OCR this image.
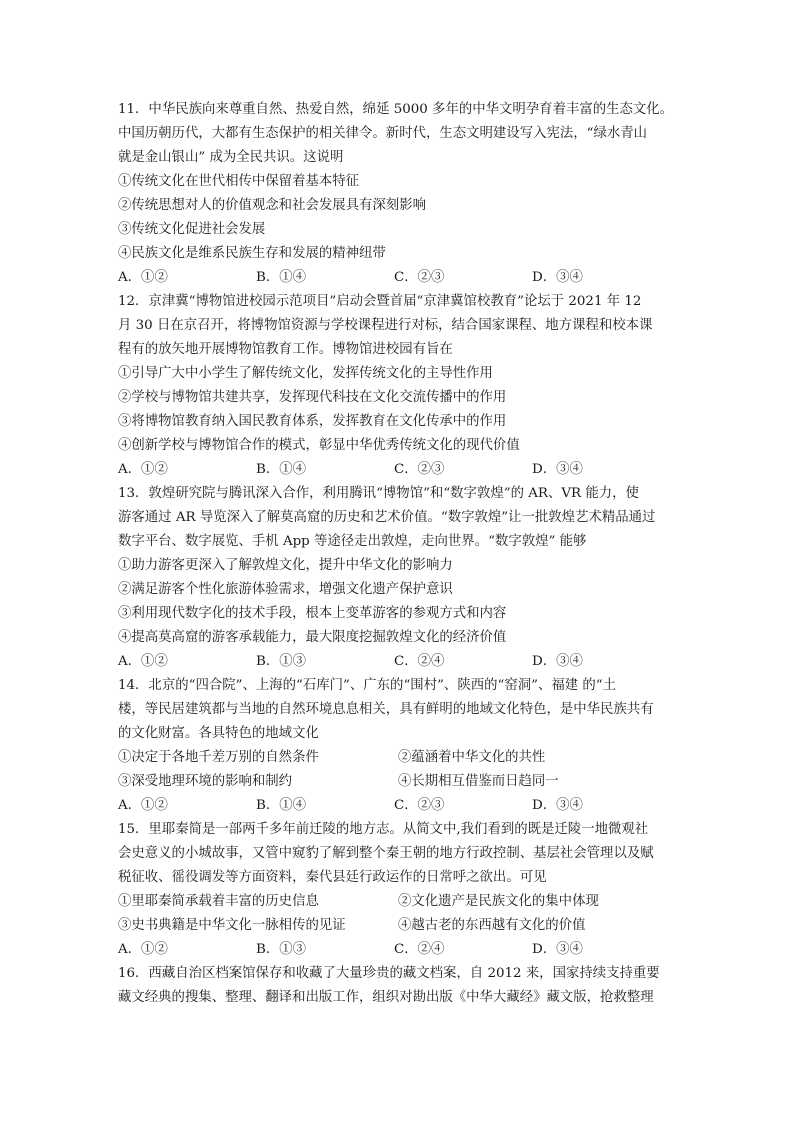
11．中华民族向来尊重自然、热爱自然，绵延 5000 多年的中华文明孕育着丰富的生态文化。
中国历朝历代，大都有生态保护的相关律令。新时代，生态文明建设写入宪法，“绿水青山
就是金山银山” 成为全民共识。这说明
①传统文化在世代相传中保留着基本特征
②传统思想对人的价值观念和社会发展具有深刻影响
③传统文化促进社会发展
④民族文化是维系民族生存和发展的精神纽带
A．①②	B．①④	C．②③	D．③④
12．京津冀“博物馆进校园示范项目”启动会暨首届“京津冀馆校教育”论坛于 2021 年 12
月 30 日在京召开，将博物馆资源与学校课程进行对标，结合国家课程、地方课程和校本课
程有的放矢地开展博物馆教育工作。博物馆进校园有旨在
①引导广大中小学生了解传统文化，发挥传统文化的主导性作用
②学校与博物馆共建共享，发挥现代科技在文化交流传播中的作用
③将博物馆教育纳入国民教育体系，发挥教育在文化传承中的作用
④创新学校与博物馆合作的模式，彰显中华优秀传统文化的现代价值
A．①②	B．①④	C．②③	D．③④
13．敦煌研究院与腾讯深入合作，利用腾讯“博物馆”和“数字敦煌”的 AR、VR 能力，使
游客通过 AR 导览深入了解莫高窟的历史和艺术价值。“数字敦煌”让一批敦煌艺术精品通过
数字平台、数字展览、手机 App 等途径走出敦煌，走向世界。“数字敦煌” 能够
①助力游客更深入了解敦煌文化，提升中华文化的影响力
②满足游客个性化旅游体验需求，增强文化遗产保护意识
③利用现代数字化的技术手段，根本上变革游客的参观方式和内容
④提高莫高窟的游客承载能力，最大限度挖掘敦煌文化的经济价值
A．①②	B．①③	C．②④	D．③④
14．北京的“四合院”、上海的“石库门”、广东的“围村”、陕西的“窑洞”、福建 的“土
楼，等民居建筑都与当地的自然环境息息相关，具有鲜明的地域文化特色，是中华民族共有
的文化财富。各具特色的地域文化
①决定于各地千差万别的自然条件	②蕴涵着中华文化的共性
③深受地理环境的影响和制约	④长期相互借鉴而日趋同一
A．①②	B．①④	C．②③	D．③④
15．里耶秦简是一部两千多年前迁陵的地方志。从简文中,我们看到的既是迁陵一地微观社
会史意义的小城故事，又管中窥豹了解到整个秦王朝的地方行政控制、基层社会管理以及赋
税征收、徭役调发等方面资料，秦代县廷行政运作的日常呼之欲出。可见
①里耶秦简承载着丰富的历史信息	②文化遗产是民族文化的集中体现
③史书典籍是中华文化一脉相传的见证	④越古老的东西越有文化的价值
A．①②	B．①③	C．②④	D．③④
16．西藏自治区档案馆保存和收藏了大量珍贵的藏文档案，自 2012 来，国家持续支持重要
藏文经典的搜集、整理、翻译和出版工作，组织对勘出版《中华大藏经》藏文版，抢救整理
